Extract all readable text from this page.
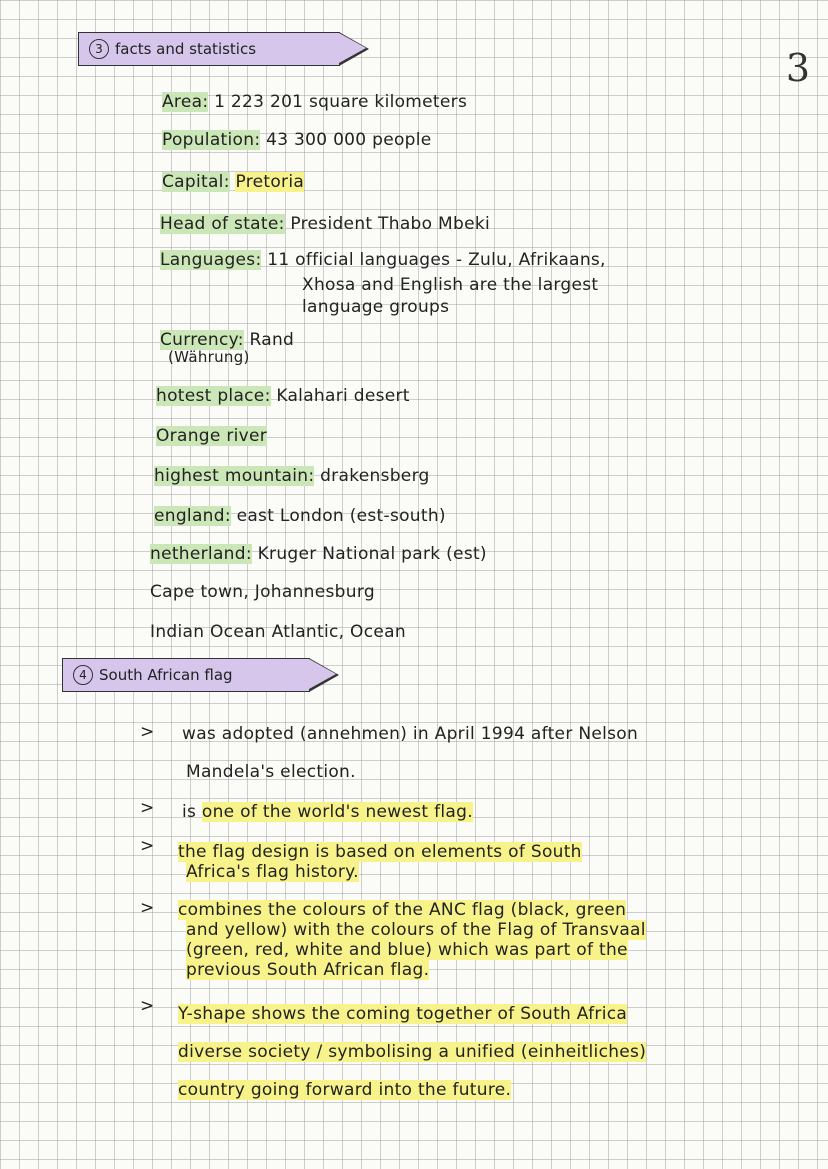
3
3 facts and statistics
Area: 1 223 201 square kilometers
Population: 43 300 000 people
Capital: Pretoria
Head of state: President Thabo Mbeki
Languages: 11 official languages - Zulu, Afrikaans,
Xhosa and English are the largest
language groups
Currency: Rand
(Währung)
hotest place: Kalahari desert
Orange river
highest mountain: drakensberg
england: east London (est-south)
netherland: Kruger National park (est)
Cape town, Johannesburg
Indian Ocean Atlantic, Ocean
4 South African flag
> was adopted (annehmen) in April 1994 after Nelson
Mandela's election.
> is one of the world's newest flag.
> the flag design is based on elements of South
Africa's flag history.
> combines the colours of the ANC flag (black, green
and yellow) with the colours of the Flag of Transvaal
(green, red, white and blue) which was part of the
previous South African flag.
> Y-shape shows the coming together of South Africa
diverse society / symbolising a unified (einheitliches)
country going forward into the future.
